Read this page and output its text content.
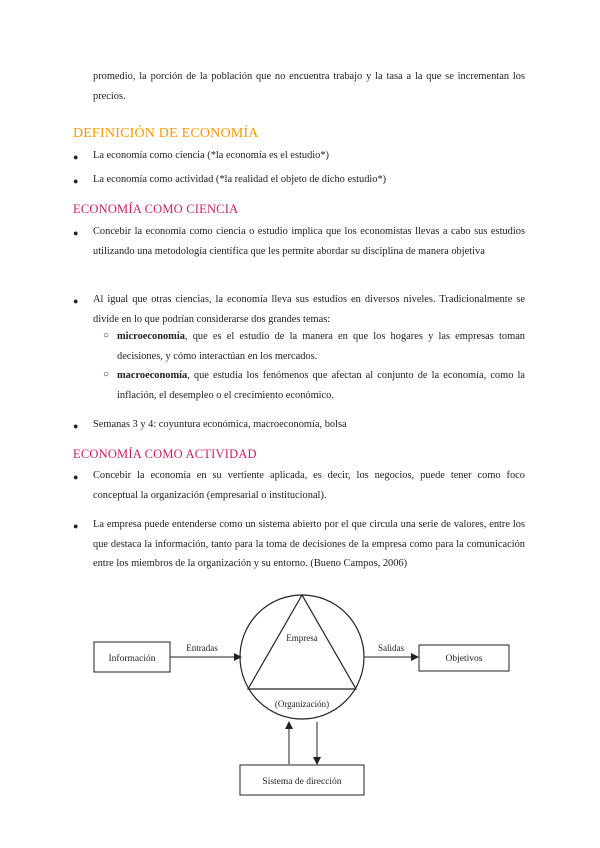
promedio, la porción de la población que no encuentra trabajo y la tasa a la que se incrementan los precios.
DEFINICIÓN DE ECONOMÍA
● La economía como ciencia (*la economía es el estudio*)
● La economía como actividad (*la realidad el objeto de dicho estudio*)
ECONOMÍA COMO CIENCIA
● Concebir la economía como ciencia o estudio implica que los economistas llevas a cabo sus estudios utilizando una metodología científica que les permite abordar su disciplina de manera objetiva
● Al igual que otras ciencias, la economía lleva sus estudios en diversos niveles. Tradicionalmente se divide en lo que podrían considerarse dos grandes temas:
○ microeconomía, que es el estudio de la manera en que los hogares y las empresas toman decisiones, y cómo interactúan en los mercados.
○ macroeconomía, que estudia los fenómenos que afectan al conjunto de la economía, como la inflación, el desempleo o el crecimiento económico.
● Semanas 3 y 4: coyuntura económica, macroeconomía, bolsa
ECONOMÍA COMO ACTIVIDAD
● Concebir la economía en su vertiente aplicada, es decir, los negocios, puede tener como foco conceptual la organización (empresarial o institucional).
● La empresa puede entenderse como un sistema abierto por el que circula una serie de valores, entre los que destaca la información, tanto para la toma de decisiones de la empresa como para la comunicación entre los miembros de la organización y su entorno. (Bueno Campos, 2006)
Información
Entradas
Empresa
(Organización)
Salidas
Objetivos
Sistema de dirección
